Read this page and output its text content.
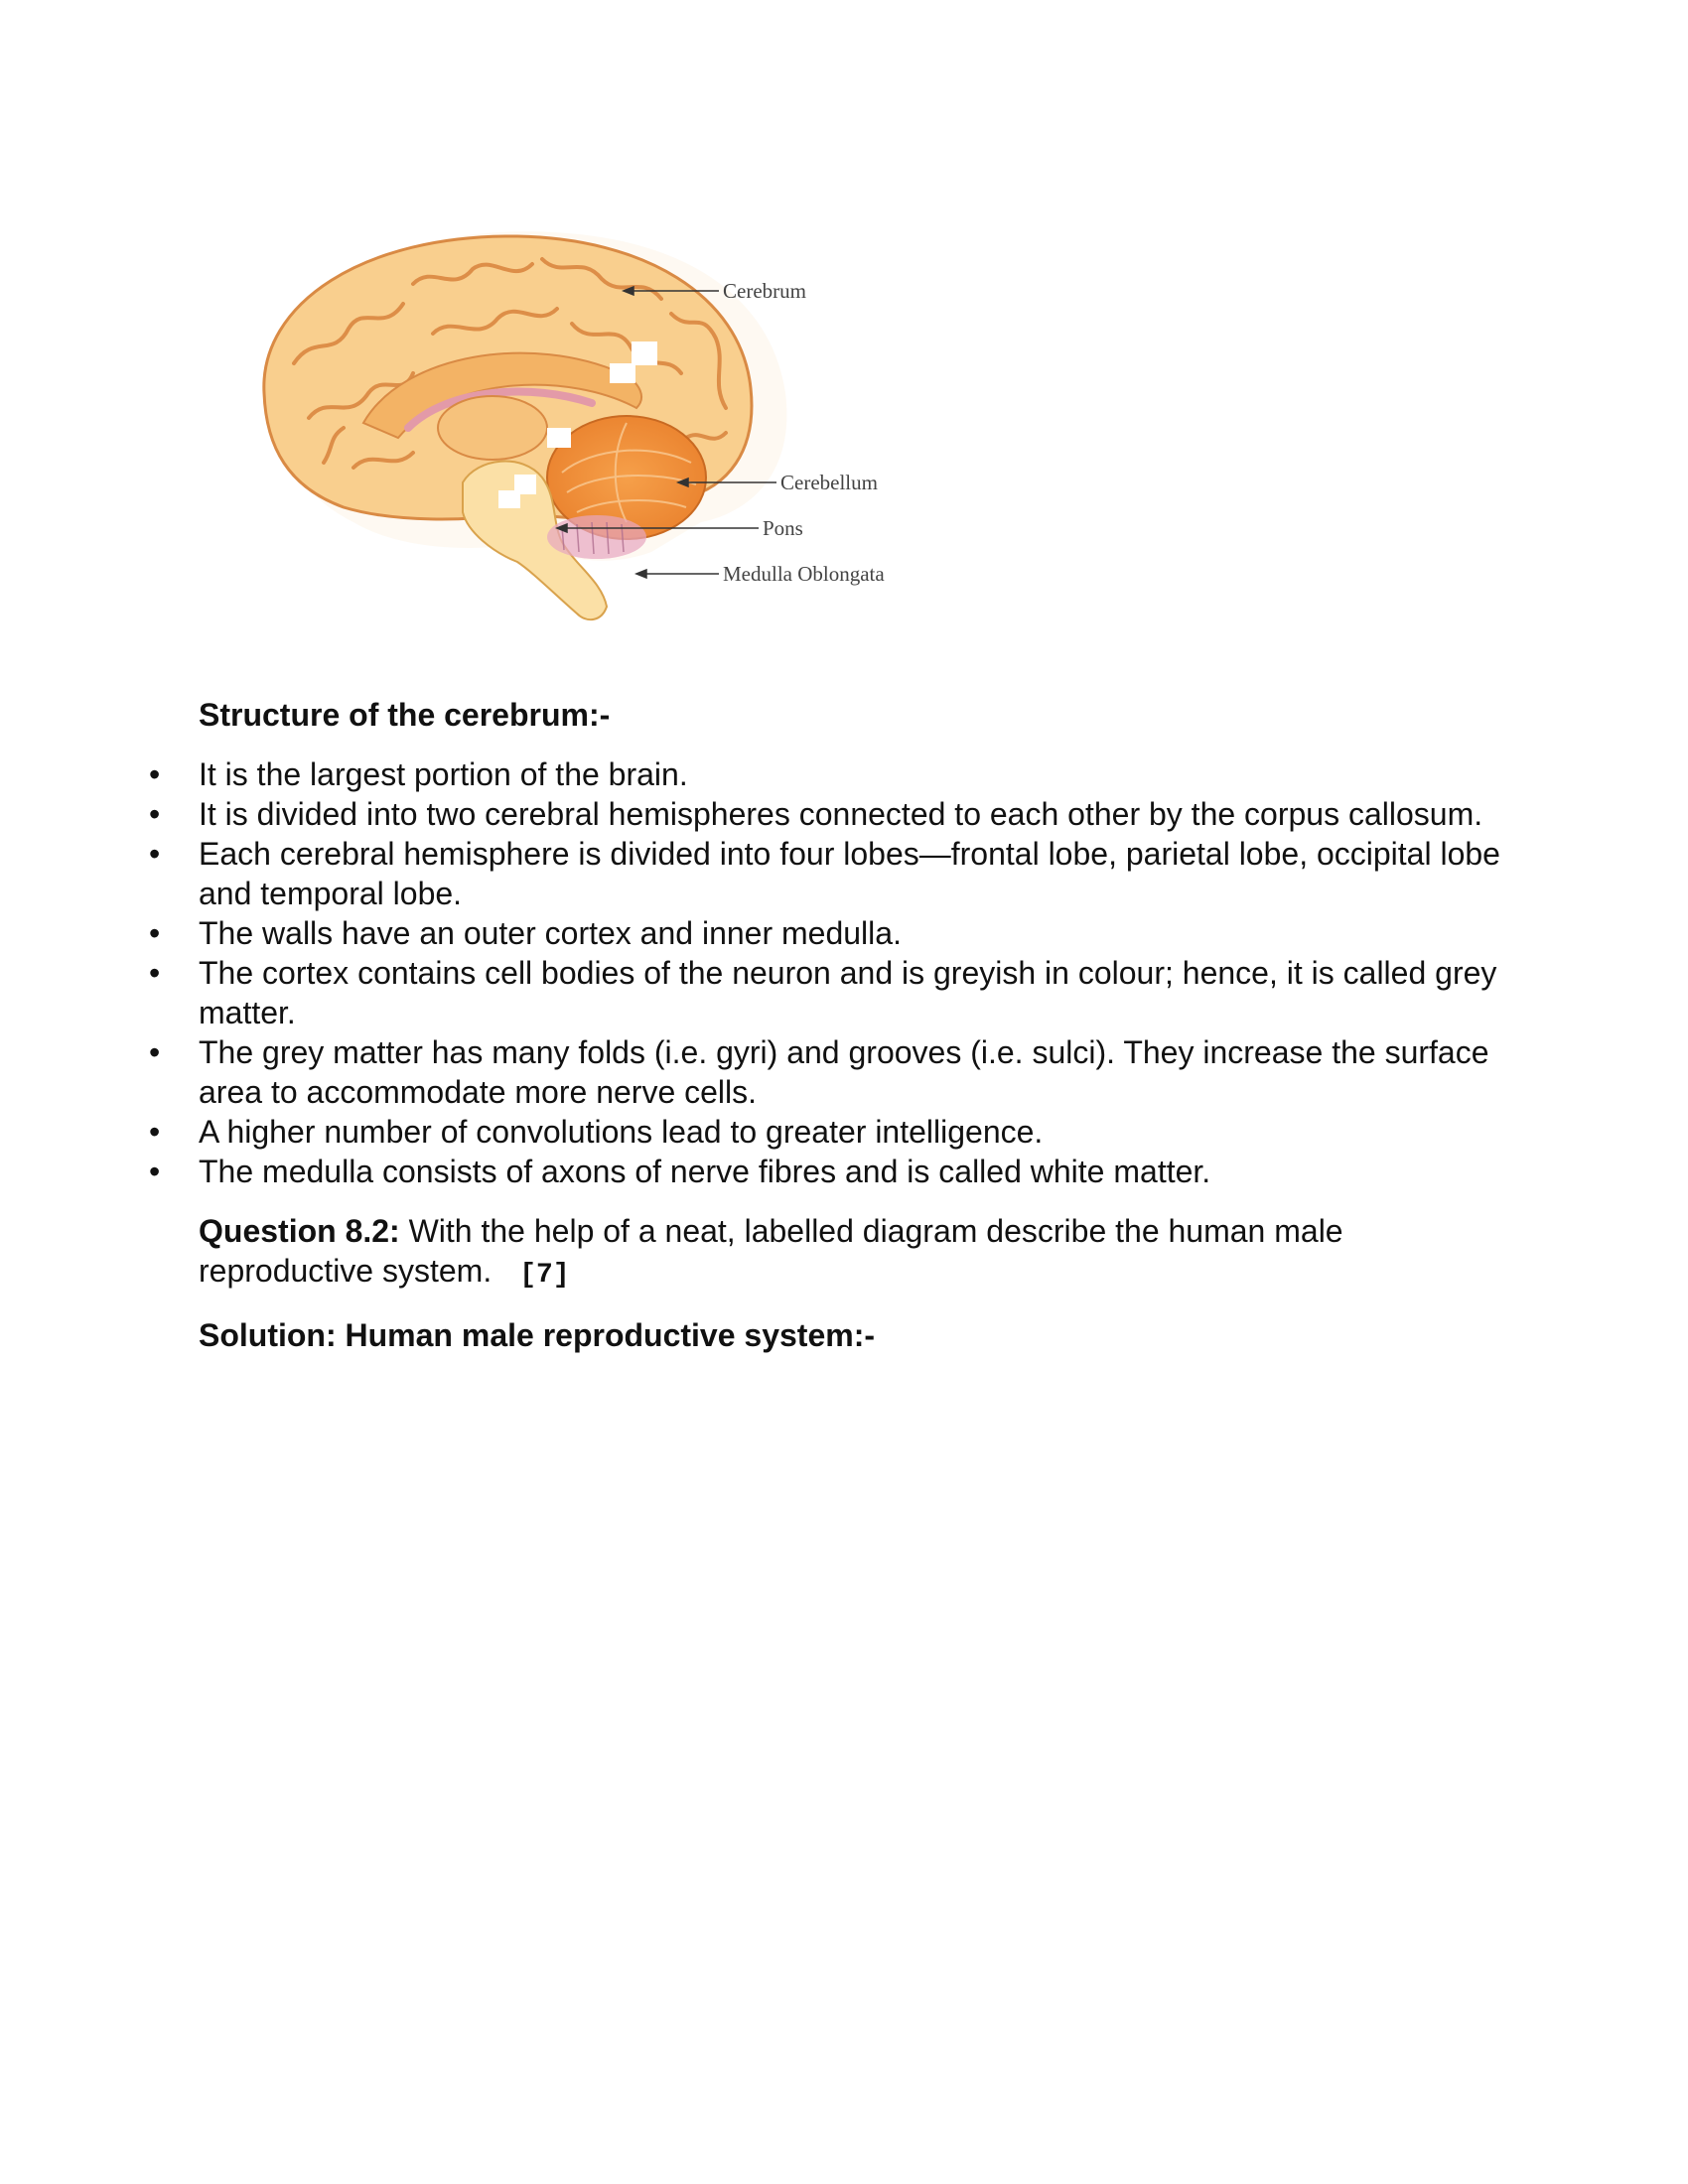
Cerebrum
Cerebellum
Pons
Medulla Oblongata
Structure of the cerebrum:-
• It is the largest portion of the brain.
• It is divided into two cerebral hemispheres connected to each other by the corpus callosum.
• Each cerebral hemisphere is divided into four lobes—frontal lobe, parietal lobe, occipital lobe and temporal lobe.
• The walls have an outer cortex and inner medulla.
• The cortex contains cell bodies of the neuron and is greyish in colour; hence, it is called grey matter.
• The grey matter has many folds (i.e. gyri) and grooves (i.e. sulci). They increase the surface area to accommodate more nerve cells.
• A higher number of convolutions lead to greater intelligence.
• The medulla consists of axons of nerve fibres and is called white matter.
Question 8.2: With the help of a neat, labelled diagram describe the human male reproductive system. [7]
Solution: Human male reproductive system:-
